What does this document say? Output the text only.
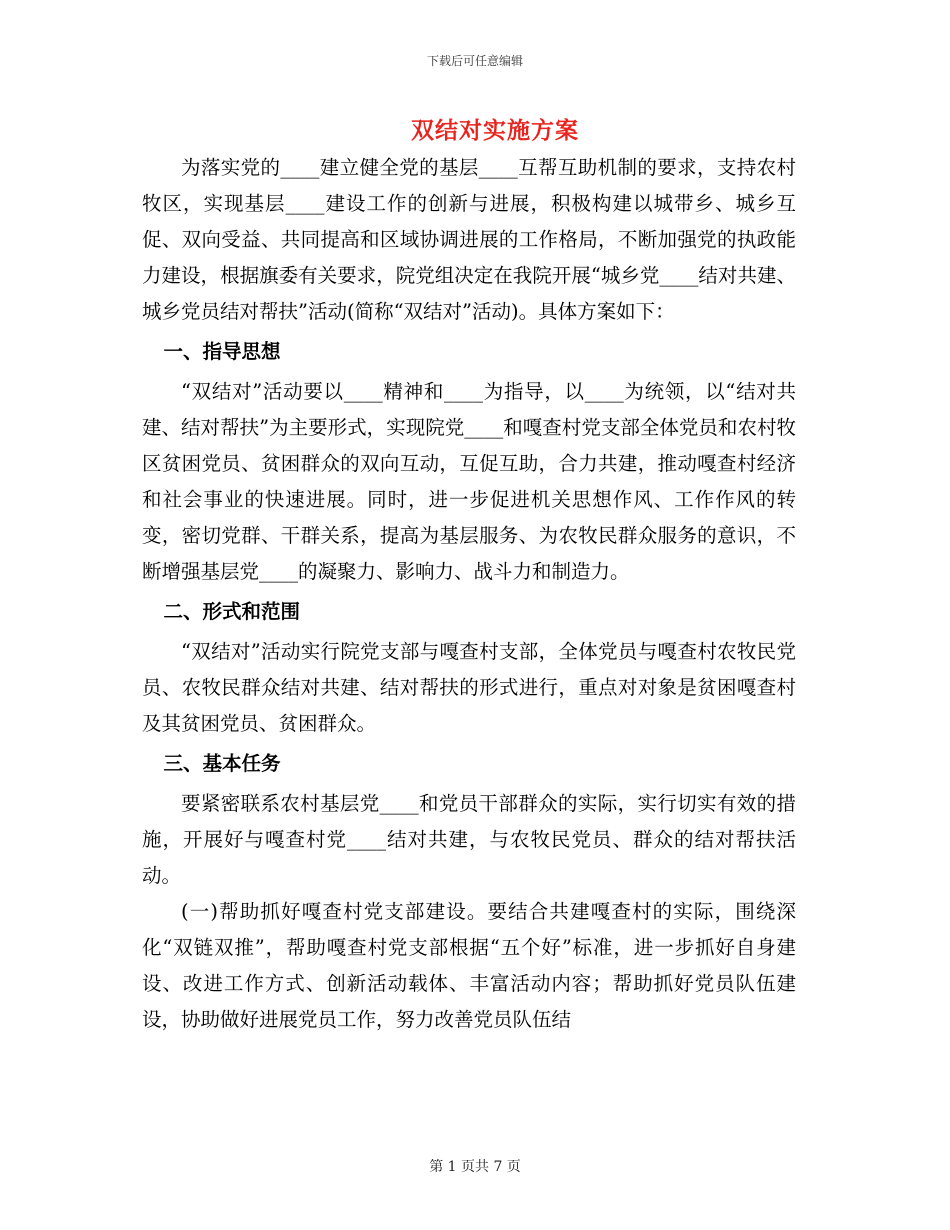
下载后可任意编辑
双结对实施方案

为落实党的____建立健全党的基层____互帮互助机制的要求，支持农村牧区，实现基层____建设工作的创新与进展，积极构建以城带乡、城乡互促、双向受益、共同提高和区域协调进展的工作格局，不断加强党的执政能力建设，根据旗委有关要求，院党组决定在我院开展“城乡党____结对共建、城乡党员结对帮扶”活动(简称“双结对”活动)。具体方案如下：

一、指导思想

“双结对”活动要以____精神和____为指导，以____为统领，以“结对共建、结对帮扶”为主要形式，实现院党____和嘎查村党支部全体党员和农村牧区贫困党员、贫困群众的双向互动，互促互助，合力共建，推动嘎查村经济和社会事业的快速进展。同时，进一步促进机关思想作风、工作作风的转变，密切党群、干群关系，提高为基层服务、为农牧民群众服务的意识，不断增强基层党____的凝聚力、影响力、战斗力和制造力。

二、形式和范围

“双结对”活动实行院党支部与嘎查村支部，全体党员与嘎查村农牧民党员、农牧民群众结对共建、结对帮扶的形式进行，重点对对象是贫困嘎查村及其贫困党员、贫困群众。

三、基本任务

要紧密联系农村基层党____和党员干部群众的实际，实行切实有效的措施，开展好与嘎查村党____结对共建，与农牧民党员、群众的结对帮扶活动。

(一)帮助抓好嘎查村党支部建设。要结合共建嘎查村的实际，围绕深化“双链双推”，帮助嘎查村党支部根据“五个好”标准，进一步抓好自身建设、改进工作方式、创新活动载体、丰富活动内容；帮助抓好党员队伍建设，协助做好进展党员工作，努力改善党员队伍结

第 1 页共 7 页
